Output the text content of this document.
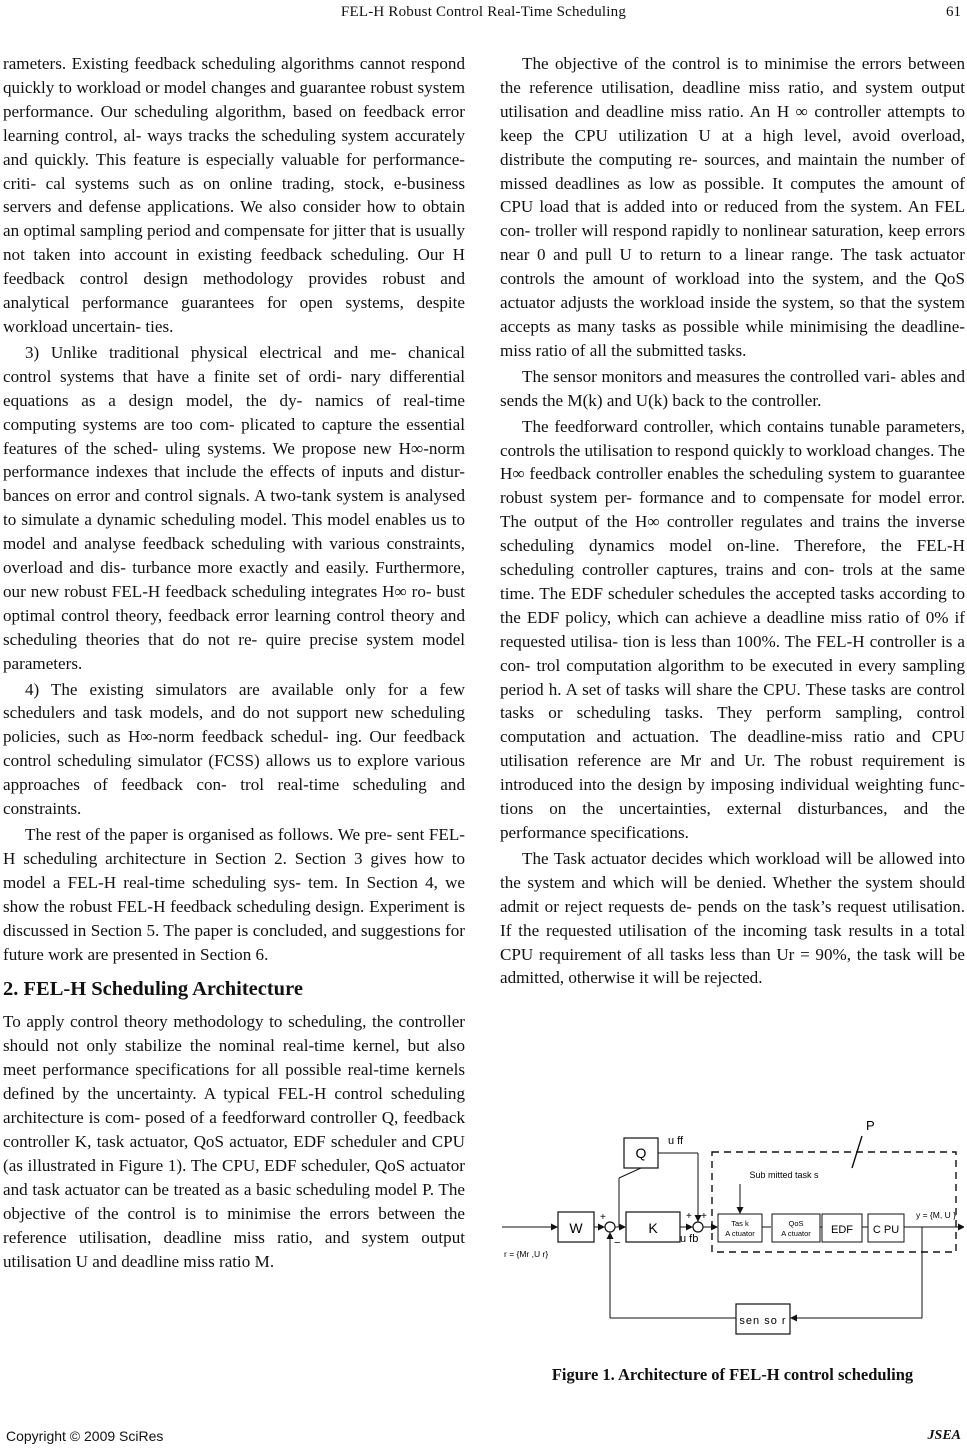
FEL-H Robust Control Real-Time Scheduling	61

rameters. Existing feedback scheduling algorithms cannot respond quickly to workload or model changes and guarantee robust system performance. Our scheduling algorithm, based on feedback error learning control, al- ways tracks the scheduling system accurately and quickly. This feature is especially valuable for performance- criti- cal systems such as on online trading, stock, e-business servers and defense applications. We also consider how to obtain an optimal sampling period and compensate for jitter that is usually not taken into account in existing feedback scheduling. Our H feedback control design methodology provides robust and analytical performance guarantees for open systems, despite workload uncertain- ties.

3) Unlike traditional physical electrical and me- chanical control systems that have a finite set of ordi- nary differential equations as a design model, the dy- namics of real-time computing systems are too com- plicated to capture the essential features of the sched- uling systems. We propose new H∞-norm performance indexes that include the effects of inputs and distur- bances on error and control signals. A two-tank system is analysed to simulate a dynamic scheduling model. This model enables us to model and analyse feedback scheduling with various constraints, overload and dis- turbance more exactly and easily. Furthermore, our new robust FEL-H feedback scheduling integrates H∞ ro- bust optimal control theory, feedback error learning control theory and scheduling theories that do not re- quire precise system model parameters.

4) The existing simulators are available only for a few schedulers and task models, and do not support new scheduling policies, such as H∞-norm feedback schedul- ing. Our feedback control scheduling simulator (FCSS) allows us to explore various approaches of feedback con- trol real-time scheduling and constraints.

The rest of the paper is organised as follows. We pre- sent FEL-H scheduling architecture in Section 2. Section 3 gives how to model a FEL-H real-time scheduling sys- tem. In Section 4, we show the robust FEL-H feedback scheduling design. Experiment is discussed in Section 5. The paper is concluded, and suggestions for future work are presented in Section 6.

2. FEL-H Scheduling Architecture

To apply control theory methodology to scheduling, the controller should not only stabilize the nominal real-time kernel, but also meet performance specifications for all possible real-time kernels defined by the uncertainty. A typical FEL-H control scheduling architecture is com- posed of a feedforward controller Q, feedback controller K, task actuator, QoS actuator, EDF scheduler and CPU (as illustrated in Figure 1). The CPU, EDF scheduler, QoS actuator and task actuator can be treated as a basic scheduling model P. The objective of the control is to minimise the errors between the reference utilisation, deadline miss ratio, and system output utilisation U and deadline miss ratio M.

The objective of the control is to minimise the errors between the reference utilisation, deadline miss ratio, and system output utilisation and deadline miss ratio. An H ∞ controller attempts to keep the CPU utilization U at a high level, avoid overload, distribute the computing re- sources, and maintain the number of missed deadlines as low as possible. It computes the amount of CPU load that is added into or reduced from the system. An FEL con- troller will respond rapidly to nonlinear saturation, keep errors near 0 and pull U to return to a linear range. The task actuator controls the amount of workload into the system, and the QoS actuator adjusts the workload inside the system, so that the system accepts as many tasks as possible while minimising the deadline-miss ratio of all the submitted tasks.

The sensor monitors and measures the controlled vari- ables and sends the M(k) and U(k) back to the controller.

The feedforward controller, which contains tunable parameters, controls the utilisation to respond quickly to workload changes. The H∞ feedback controller enables the scheduling system to guarantee robust system per- formance and to compensate for model error. The output of the H∞ controller regulates and trains the inverse scheduling dynamics model on-line. Therefore, the FEL-H scheduling controller captures, trains and con- trols at the same time. The EDF scheduler schedules the accepted tasks according to the EDF policy, which can achieve a deadline miss ratio of 0% if requested utilisa- tion is less than 100%. The FEL-H controller is a con- trol computation algorithm to be executed in every sampling period h. A set of tasks will share the CPU. These tasks are control tasks or scheduling tasks. They perform sampling, control computation and actuation. The deadline-miss ratio and CPU utilisation reference are Mr and Ur. The robust requirement is introduced into the design by imposing individual weighting func- tions on the uncertainties, external disturbances, and the performance specifications.

The Task actuator decides which workload will be allowed into the system and which will be denied. Whether the system should admit or reject requests de- pends on the task’s request utilisation. If the requested utilisation of the incoming task results in a total CPU requirement of all tasks less than Ur = 90%, the task will be admitted, otherwise it will be rejected.

W
Q
K	Tas k
A ctuator
QoS
A ctuator EDF C PU
sen so r
P
u ff
u fb
Sub mitted task s
r = {Mr ,U r}
y = {M, U }
+
−
+ +
Figure 1. Architecture of FEL-H control scheduling
Copyright © 2009 SciRes	JSEA
